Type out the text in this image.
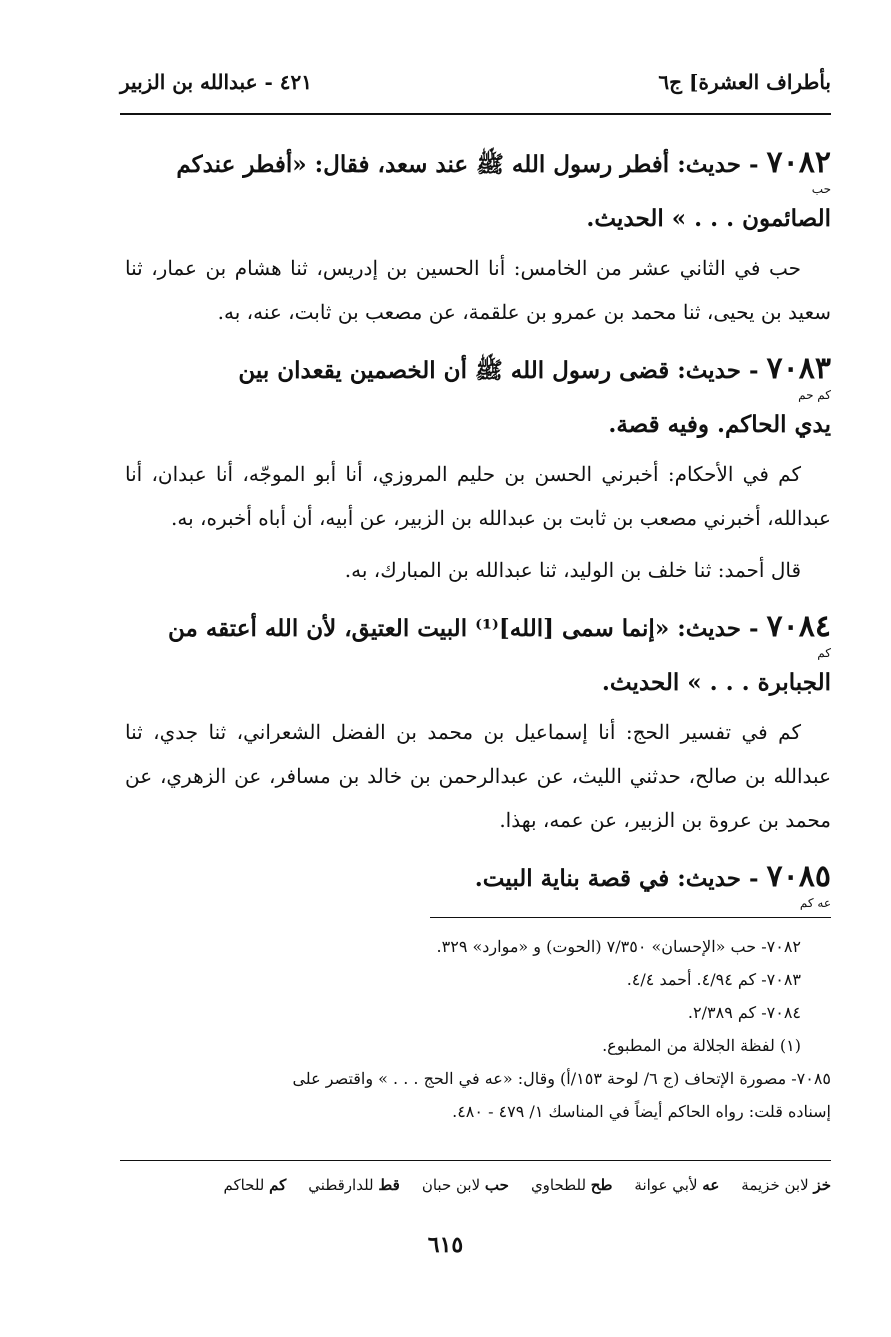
٤٢١ - عبدالله بن الزبير	بأطراف العشرة] ج٦

٧٠٨٢ - حديث: أفطر رسول الله ﷺ عند سعد، فقال: «أفطر عندكم
حب
الصائمون . . . » الحديث.

حب في الثاني عشر من الخامس: أنا الحسين بن إدريس، ثنا هشام بن عمار، ثنا سعيد بن يحيى، ثنا محمد بن عمرو بن علقمة، عن مصعب بن ثابت، عنه، به.

٧٠٨٣ - حديث: قضى رسول الله ﷺ أن الخصمين يقعدان بين
كم حم
يدي الحاكم. وفيه قصة.

كم في الأحكام: أخبرني الحسن بن حليم المروزي، أنا أبو الموجّه، أنا عبدان، أنا عبدالله، أخبرني مصعب بن ثابت بن عبدالله بن الزبير، عن أبيه، أن أباه أخبره، به.

قال أحمد: ثنا خلف بن الوليد، ثنا عبدالله بن المبارك، به.

٧٠٨٤ - حديث: «إنما سمى [الله]⁽¹⁾ البيت العتيق، لأن الله أعتقه من
كم
الجبابرة . . . » الحديث.

كم في تفسير الحج: أنا إسماعيل بن محمد بن الفضل الشعراني، ثنا جدي، ثنا عبدالله بن صالح، حدثني الليث، عن عبدالرحمن بن خالد بن مسافر، عن الزهري، عن محمد بن عروة بن الزبير، عن عمه، بهذا.

٧٠٨٥ - حديث: في قصة بناية البيت.
عه كم

٧٠٨٢- حب «الإحسان» ٧/٣٥٠ (الحوت) و «موارد» ٣٢٩.

٧٠٨٣- كم ٤/٩٤. أحمد ٤/٤.

٧٠٨٤- كم ٢/٣٨٩.

(١) لفظة الجلالة من المطبوع.

٧٠٨٥- مصورة الإتحاف (ج ٦/ لوحة ١٥٣/أ) وقال: «عه في الحج . . . » واقتصر على

إسناده قلت: رواه الحاكم أيضاً في المناسك ١/ ٤٧٩ - ٤٨٠.

خز لابن خزيمة
عه لأبي عوانة
طح للطحاوي
حب لابن حبان
قط للدارقطني
كم للحاكم
٦١٥
